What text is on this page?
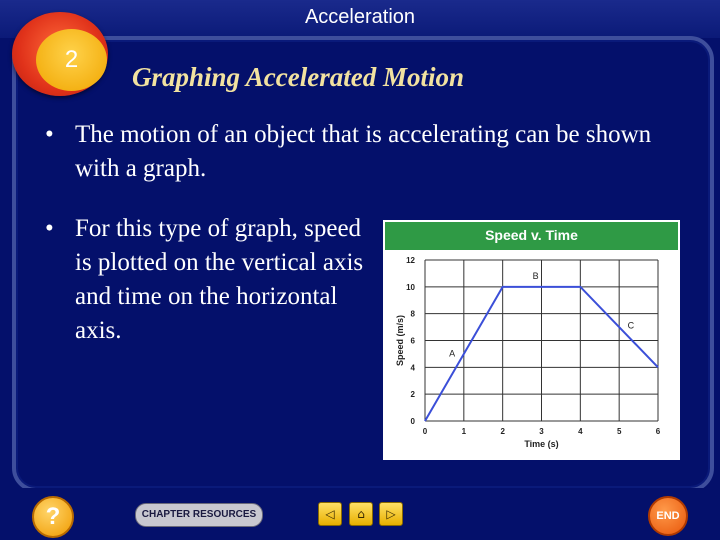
Acceleration
2
Graphing Accelerated Motion
• The motion of an object that is accelerating can be shown with a graph.
• For this type of graph, speed is plotted on the vertical axis and time on the horizontal axis.
Speed v. Time
0	1	2	3	4	5	6
0
2
4
6
8
10
12
Time (s)
Speed (m/s)	A
B
C
?	CHAPTER RESOURCES	◁	⌂	▷	END
